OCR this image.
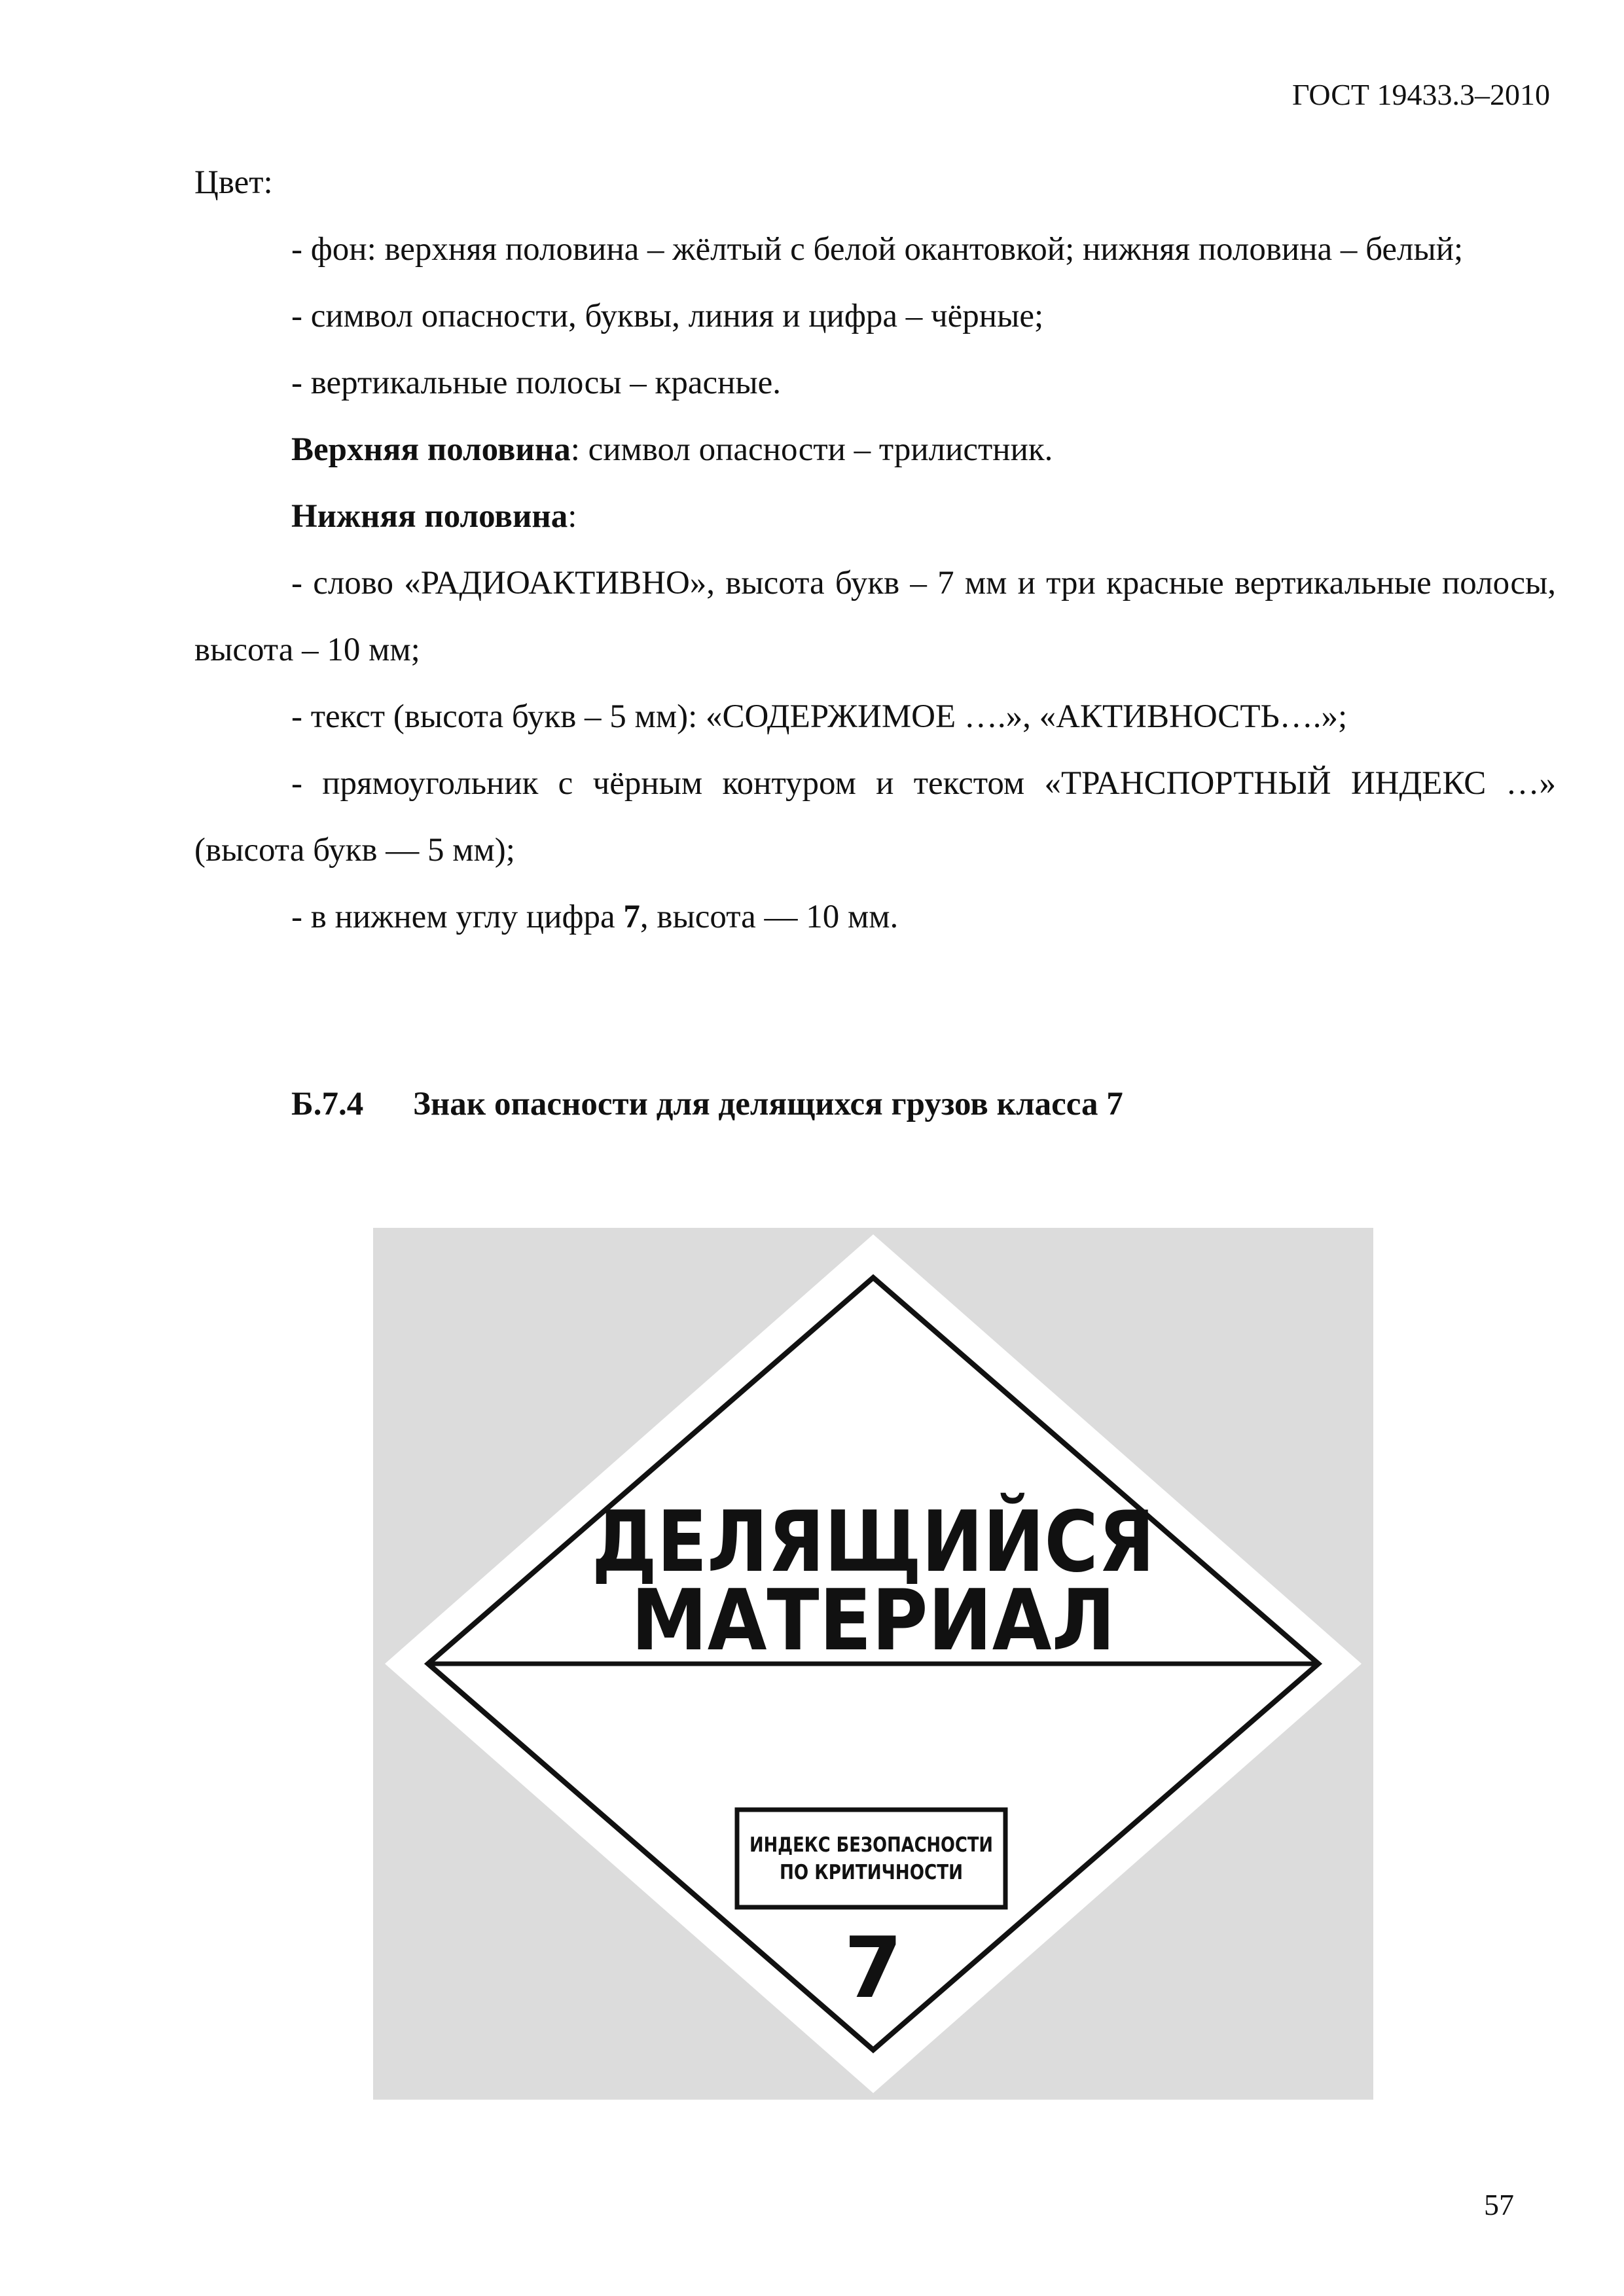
ГОСТ 19433.3–2010

Цвет:

- фон: верхняя половина – жёлтый с белой окантовкой; нижняя половина – белый;

- символ опасности, буквы, линия и цифра – чёрные;

- вертикальные полосы – красные.

Верхняя половина: символ опасности – трилистник.

Нижняя половина:

- слово «РАДИОАКТИВНО», высота букв – 7 мм и три красные вертикальные полосы, высота – 10 мм;

- текст (высота букв – 5 мм): «СОДЕРЖИМОЕ ….», «АКТИВНОСТЬ….»;

- прямоугольник с чёрным контуром и текстом «ТРАНСПОРТНЫЙ ИНДЕКС …» (высота букв — 5 мм);

- в нижнем углу цифра 7, высота — 10 мм.

Б.7.4 Знак опасности для делящихся грузов класса 7
ДЕЛЯЩИЙСЯ
МАТЕРИАЛ
ИНДЕКС БЕЗОПАСНОСТИ
ПО КРИТИЧНОСТИ
7
57
